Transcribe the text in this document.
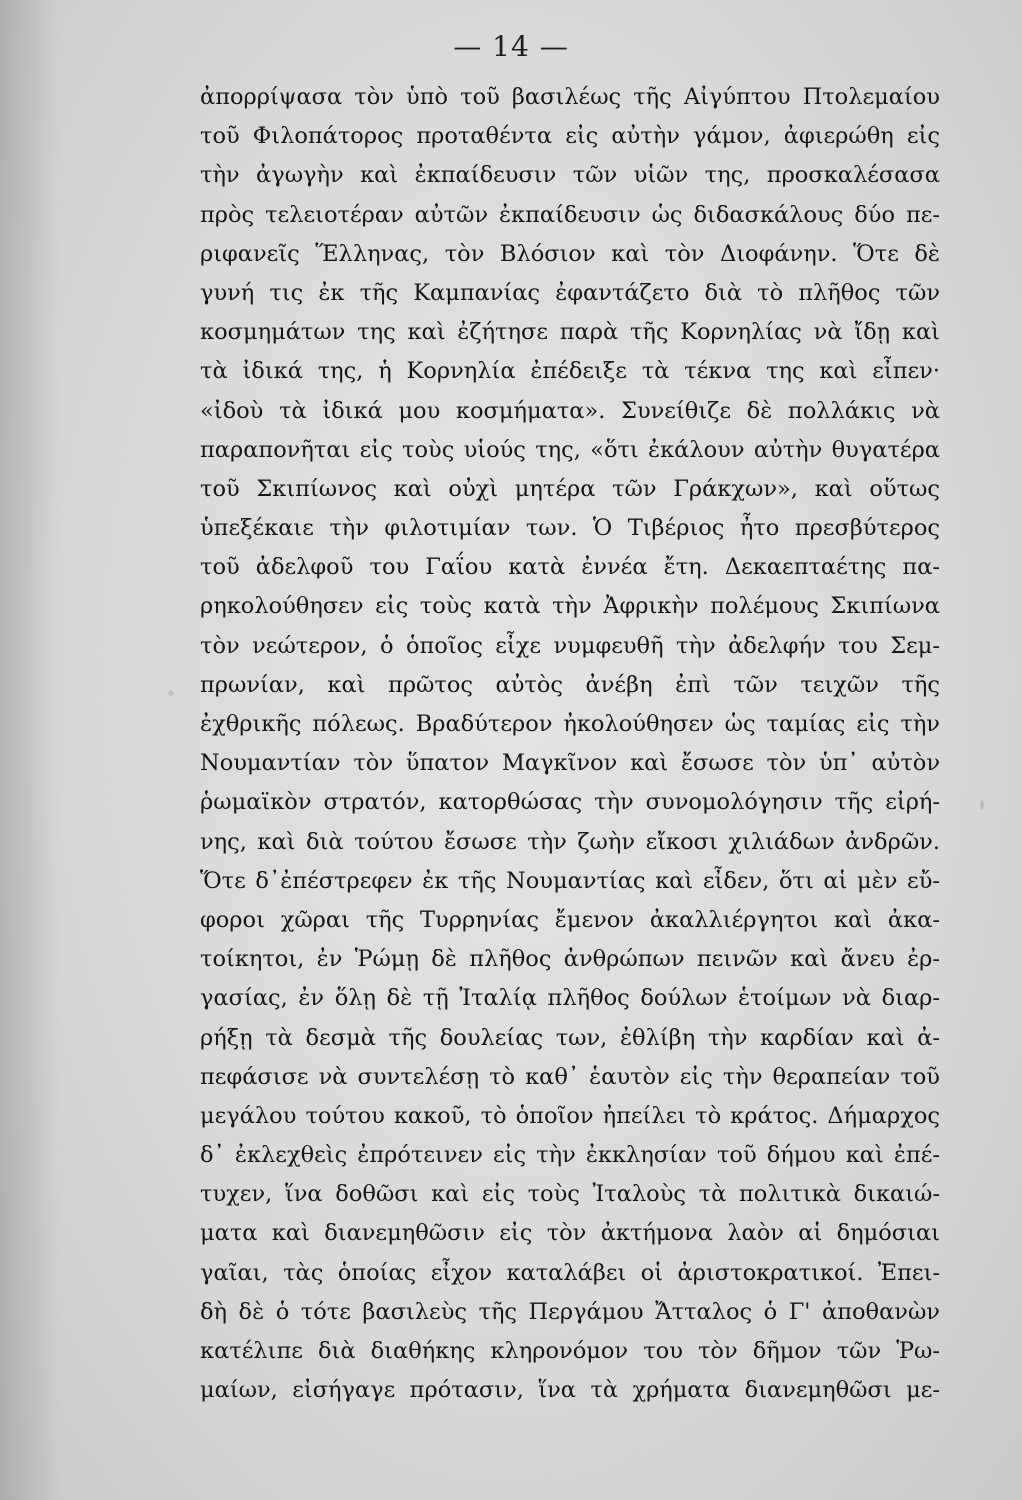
— 14 —
ἀπορρίψασα τὸν ὑπὸ τοῦ βασιλέως τῆς Αἰγύπτου Πτολεμαίου
τοῦ Φιλοπάτορος προταθέντα εἰς αὐτὴν γάμον, ἀφιερώθη εἰς
τὴν ἀγωγὴν καὶ ἐκπαίδευσιν τῶν υἱῶν της, προσκαλέσασα
πρὸς τελειοτέραν αὐτῶν ἐκπαίδευσιν ὡς διδασκάλους δύο πε-
ριφανεῖς Ἕλληνας, τὸν Βλόσιον καὶ τὸν Διοφάνην. Ὅτε δὲ
γυνή τις ἐκ τῆς Καμπανίας ἐφαντάζετο διὰ τὸ πλῆθος τῶν
κοσμημάτων της καὶ ἐζήτησε παρὰ τῆς Κορνηλίας νὰ ἴδῃ καὶ
τὰ ἰδικά της, ἡ Κορνηλία ἐπέδειξε τὰ τέκνα της καὶ εἶπεν·
«ἰδοὺ τὰ ἰδικά μου κοσμήματα». Συνείθιζε δὲ πολλάκις νὰ
παραπονῆται εἰς τοὺς υἱούς της, «ὅτι ἐκάλουν αὐτὴν θυγατέρα
τοῦ Σκιπίωνος καὶ οὐχὶ μητέρα τῶν Γράκχων», καὶ οὕτως
ὑπεξέκαιε τὴν φιλοτιμίαν των. Ὁ Τιβέριος ἦτο πρεσβύτερος
τοῦ ἀδελφοῦ του Γαΐου κατὰ ἐννέα ἔτη. Δεκαεπταέτης πα-
ρηκολούθησεν εἰς τοὺς κατὰ τὴν Ἀφρικὴν πολέμους Σκιπίωνα
τὸν νεώτερον, ὁ ὁποῖος εἶχε νυμφευθῆ τὴν ἀδελφήν του Σεμ-
πρωνίαν, καὶ πρῶτος αὐτὸς ἀνέβη ἐπὶ τῶν τειχῶν τῆς
ἐχθρικῆς πόλεως. Βραδύτερον ἠκολούθησεν ὡς ταμίας εἰς τὴν
Νουμαντίαν τὸν ὕπατον Μαγκῖνον καὶ ἔσωσε τὸν ὑπ᾽ αὐτὸν
ῥωμαϊκὸν στρατόν, κατορθώσας τὴν συνομολόγησιν τῆς εἰρή-
νης, καὶ διὰ τούτου ἔσωσε τὴν ζωὴν εἴκοσι χιλιάδων ἀνδρῶν.
Ὅτε δ᾽ἐπέστρεφεν ἐκ τῆς Νουμαντίας καὶ εἶδεν, ὅτι αἱ μὲν εὔ-
φοροι χῶραι τῆς Τυρρηνίας ἔμενον ἀκαλλιέργητοι καὶ ἀκα-
τοίκητοι, ἐν Ῥώμῃ δὲ πλῆθος ἀνθρώπων πεινῶν καὶ ἄνευ ἐρ-
γασίας, ἐν ὅλῃ δὲ τῇ Ἰταλίᾳ πλῆθος δούλων ἑτοίμων νὰ διαρ-
ρήξῃ τὰ δεσμὰ τῆς δουλείας των, ἐθλίβη τὴν καρδίαν καὶ ἀ-
πεφάσισε νὰ συντελέσῃ τὸ καθ᾽ ἑαυτὸν εἰς τὴν θεραπείαν τοῦ
μεγάλου τούτου κακοῦ, τὸ ὁποῖον ἠπείλει τὸ κράτος. Δήμαρχος
δ᾽ ἐκλεχθεὶς ἐπρότεινεν εἰς τὴν ἐκκλησίαν τοῦ δήμου καὶ ἐπέ-
τυχεν, ἵνα δοθῶσι καὶ εἰς τοὺς Ἰταλοὺς τὰ πολιτικὰ δικαιώ-
ματα καὶ διανεμηθῶσιν εἰς τὸν ἀκτήμονα λαὸν αἱ δημόσιαι
γαῖαι, τὰς ὁποίας εἶχον καταλάβει οἱ ἀριστοκρατικοί. Ἐπει-
δὴ δὲ ὁ τότε βασιλεὺς τῆς Περγάμου Ἄτταλος ὁ Γ' ἀποθανὼν
κατέλιπε διὰ διαθήκης κληρονόμον του τὸν δῆμον τῶν Ῥω-
μαίων, εἰσήγαγε πρότασιν, ἵνα τὰ χρήματα διανεμηθῶσι με-
